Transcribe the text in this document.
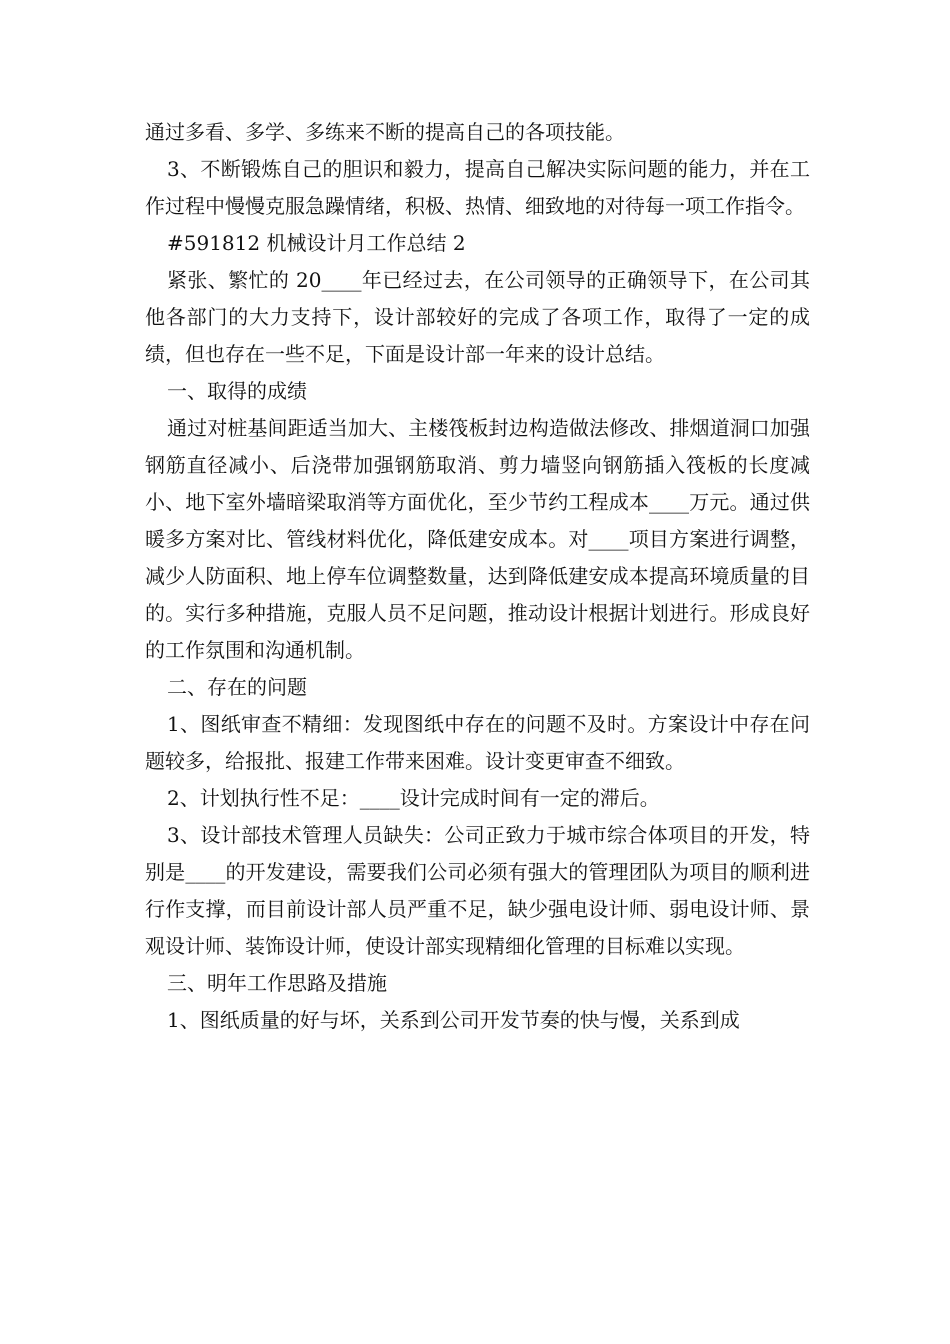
通过多看、多学、多练来不断的提高自己的各项技能。

3、不断锻炼自己的胆识和毅力，提高自己解决实际问题的能力，并在工作过程中慢慢克服急躁情绪，积极、热情、细致地的对待每一项工作指令。

#591812 机械设计月工作总结 2

紧张、繁忙的 20____年已经过去，在公司领导的正确领导下，在公司其他各部门的大力支持下，设计部较好的完成了各项工作，取得了一定的成绩，但也存在一些不足，下面是设计部一年来的设计总结。

一、取得的成绩

通过对桩基间距适当加大、主楼筏板封边构造做法修改、排烟道洞口加强钢筋直径减小、后浇带加强钢筋取消、剪力墙竖向钢筋插入筏板的长度减小、地下室外墙暗梁取消等方面优化，至少节约工程成本____万元。通过供暖多方案对比、管线材料优化，降低建安成本。对____项目方案进行调整，减少人防面积、地上停车位调整数量，达到降低建安成本提高环境质量的目的。实行多种措施，克服人员不足问题，推动设计根据计划进行。形成良好的工作氛围和沟通机制。

二、存在的问题

1、图纸审查不精细：发现图纸中存在的问题不及时。方案设计中存在问题较多，给报批、报建工作带来困难。设计变更审查不细致。

2、计划执行性不足：____设计完成时间有一定的滞后。

3、设计部技术管理人员缺失：公司正致力于城市综合体项目的开发，特别是____的开发建设，需要我们公司必须有强大的管理团队为项目的顺利进行作支撑，而目前设计部人员严重不足，缺少强电设计师、弱电设计师、景观设计师、装饰设计师，使设计部实现精细化管理的目标难以实现。

三、明年工作思路及措施

1、图纸质量的好与坏，关系到公司开发节奏的快与慢，关系到成
